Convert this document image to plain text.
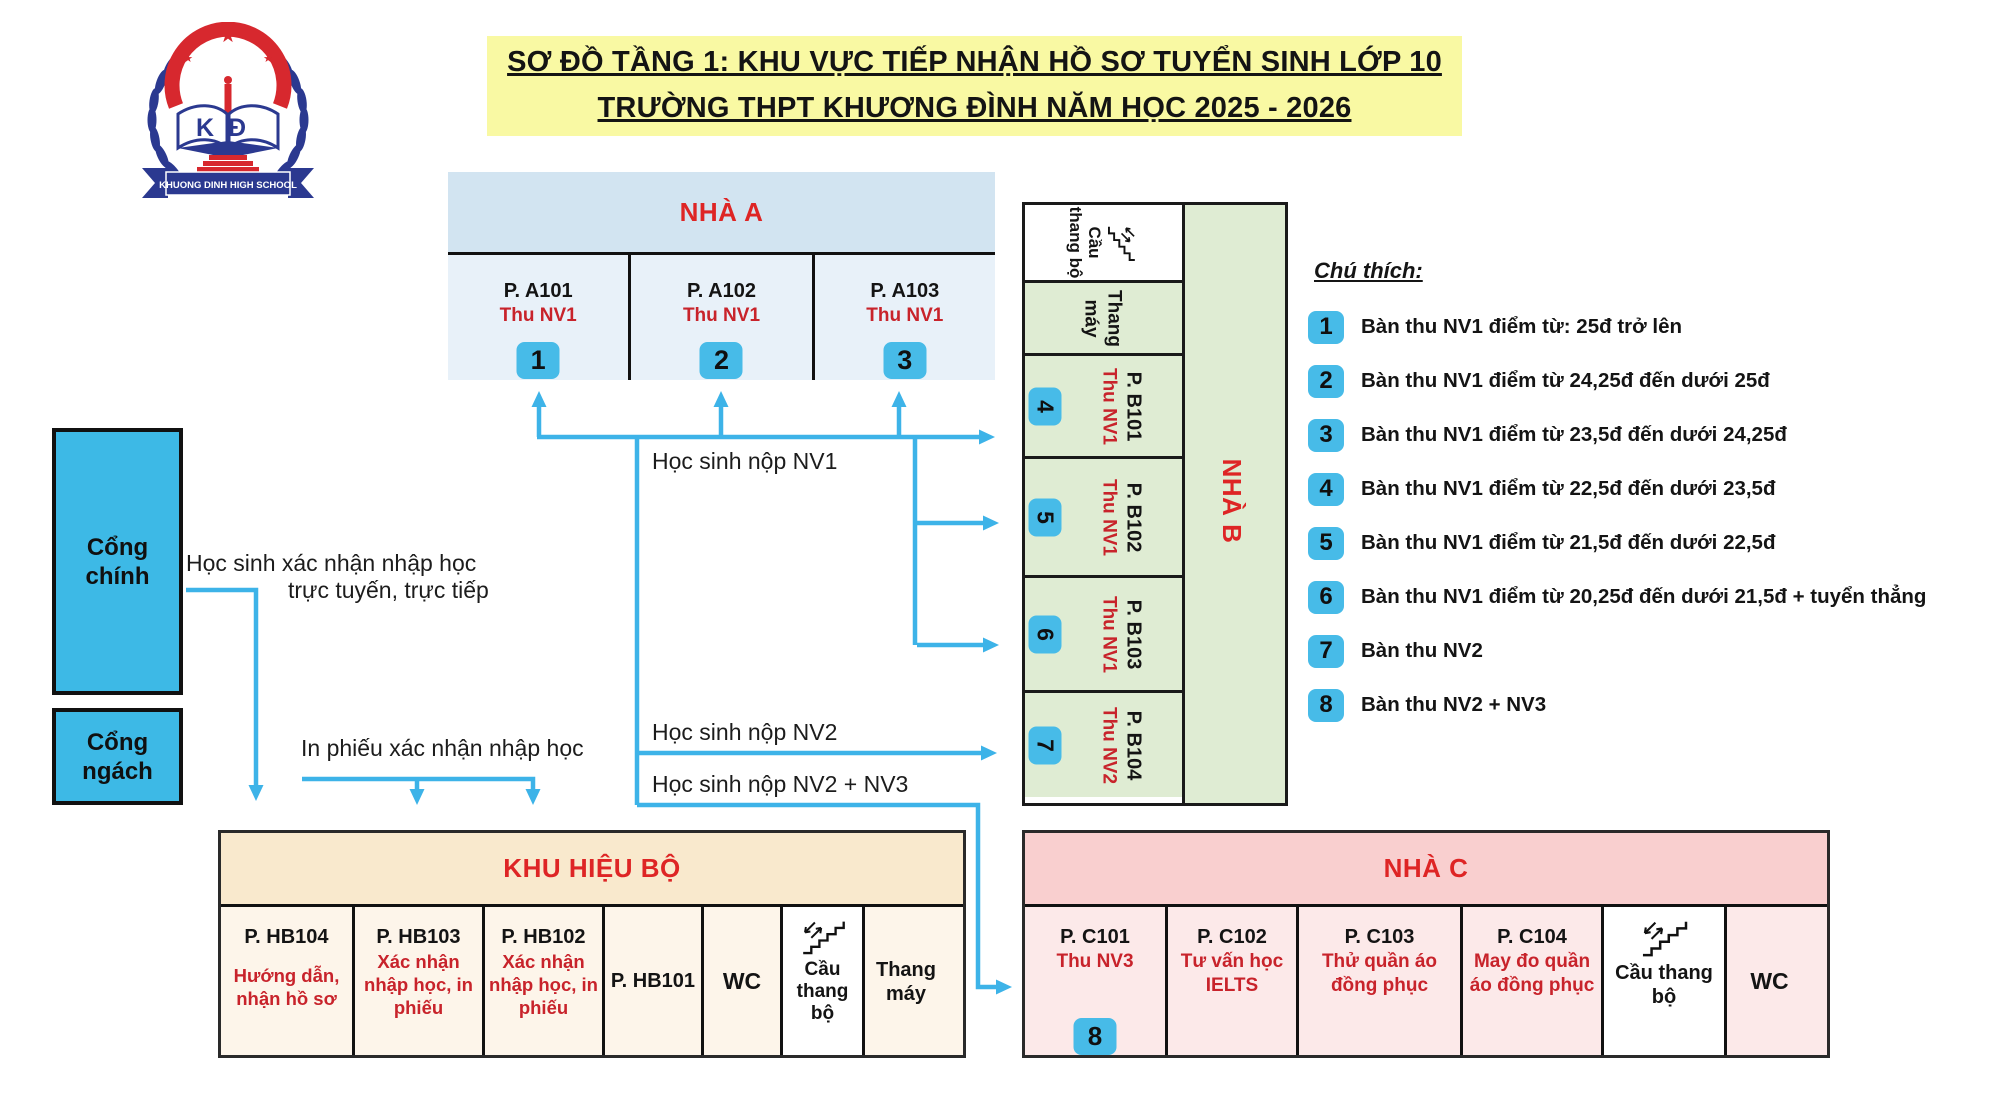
★
★	★
KĐ
KHUONG DINH HIGH SCHOOL
SƠ ĐỒ TẦNG 1: KHU VỰC TIẾP NHẬN HỒ SƠ TUYỂN SINH LỚP 10
TRƯỜNG THPT KHƯƠNG ĐÌNH NĂM HỌC 2025 - 2026
NHÀ A
P. A101
Thu NV1
1
P. A102
Thu NV1
2
P. A103
Thu NV1
3
Cầu thang bộ
Thang máy
P. B101
Thu NV1
4
P. B102
Thu NV1
5
P. B103
Thu NV1
6
P. B104
Thu NV2
7
NHÀ B
Cổng chính
Cổng ngách
KHU HIỆU BỘ
P. HB104
Hướng dẫn, nhận hồ sơ
P. HB103
Xác nhận nhập học, in phiếu
P. HB102
Xác nhận nhập học, in phiếu
P. HB101 WC	Cầu thang bộ
Thang máy
NHÀ C
P. C101
Thu NV3
8
P. C102
Tư vấn học IELTS
P. C103
Thử quần áo đồng phục
P. C104
May đo quần áo đồng phục
Cầu thang bộ
WC
Chú thích:
1	Bàn thu NV1 điểm từ: 25đ trở lên
2	Bàn thu NV1 điểm từ 24,25đ đến dưới 25đ
3	Bàn thu NV1 điểm từ 23,5đ đến dưới 24,25đ
4	Bàn thu NV1 điểm từ 22,5đ đến dưới 23,5đ
5	Bàn thu NV1 điểm từ 21,5đ đến dưới 22,5đ
6	Bàn thu NV1 điểm từ 20,25đ đến dưới 21,5đ + tuyển thẳng
7	Bàn thu NV2
8	Bàn thu NV2 + NV3
Học sinh xác nhận nhập học
trực tuyến, trực tiếp
In phiếu xác nhận nhập học
Học sinh nộp NV1
Học sinh nộp NV2
Học sinh nộp NV2 + NV3
